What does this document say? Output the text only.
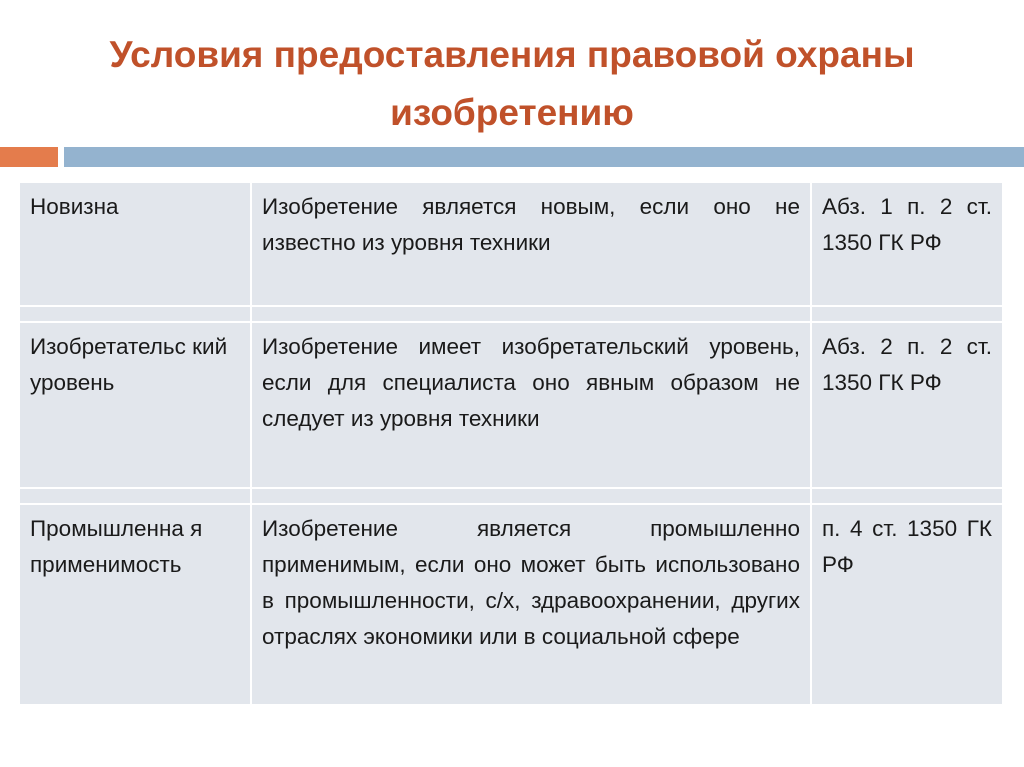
Условия предоставления правовой охраны
изобретению
Новизна	Изобретение является новым, если оно не известно из уровня техники	Абз. 1 п. 2 ст. 1350 ГК РФ

Изобретательс кий уровень	Изобретение имеет изобретательский уровень, если для специалиста оно явным образом не следует из уровня техники	Абз. 2 п. 2 ст. 1350 ГК РФ

Промышленна я применимость	Изобретение является промышленно применимым, если оно может быть использовано в промышленности, с/х, здравоохранении, других отраслях экономики или в социальной сфере	п. 4 ст. 1350 ГК РФ
